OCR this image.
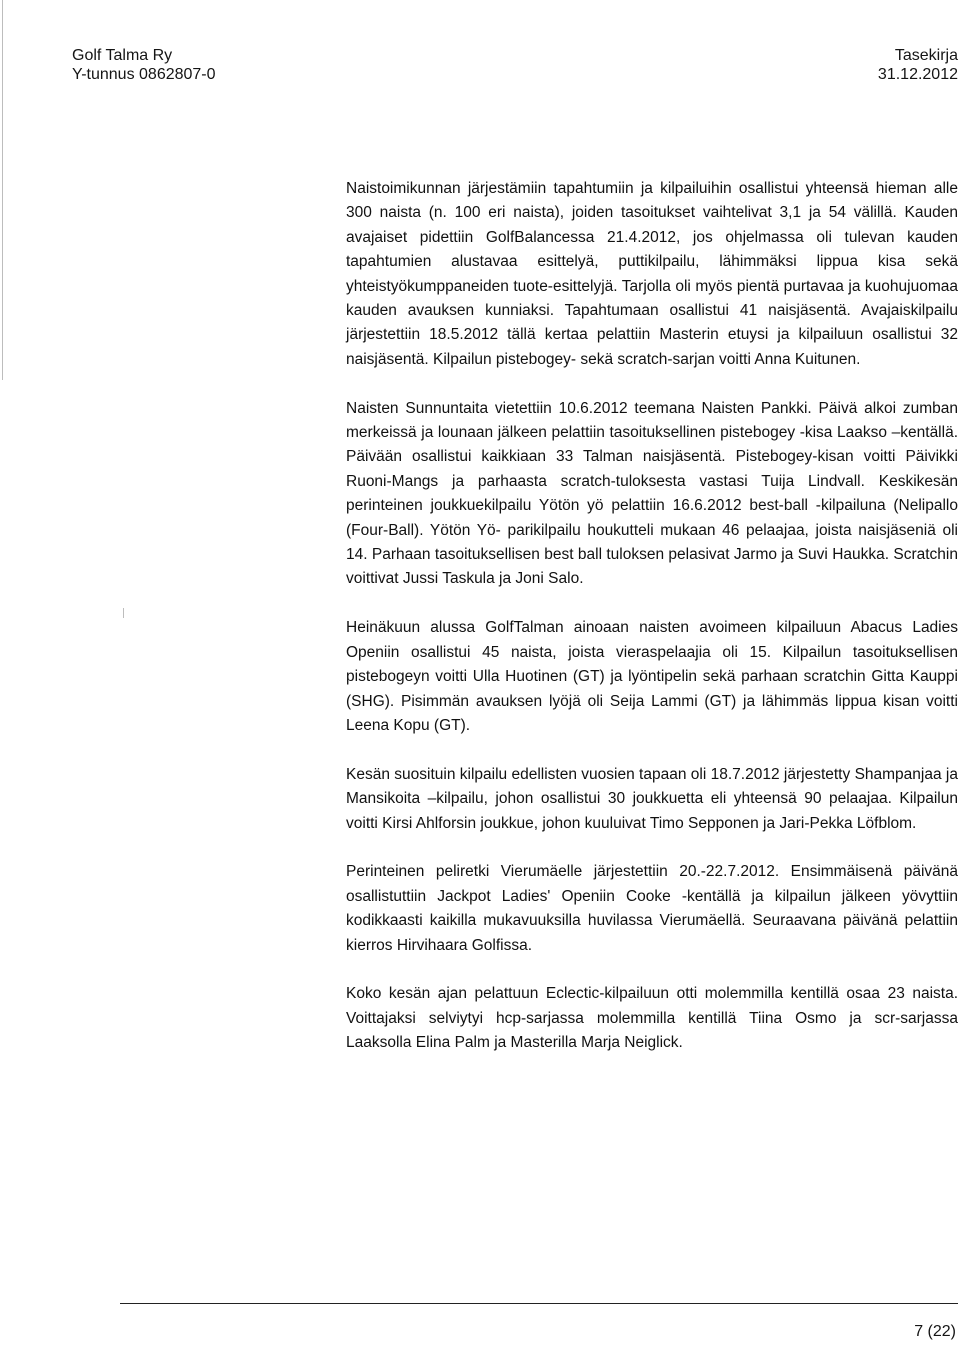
Golf Talma Ry
Y-tunnus 0862807-0
Tasekirja
31.12.2012

Naistoimikunnan järjestämiin tapahtumiin ja kilpailuihin osallistui yhteensä hieman alle 300 naista (n. 100 eri naista), joiden tasoitukset vaihtelivat 3,1 ja 54 välillä. Kauden avajaiset pidettiin GolfBalancessa 21.4.2012, jos ohjelmassa oli tulevan kauden tapahtumien alustavaa esittelyä, puttikilpailu, lähimmäksi lippua kisa sekä yhteistyökumppaneiden tuote-esittelyjä. Tarjolla oli myös pientä purtavaa ja kuohujuomaa kauden avauksen kunniaksi. Tapahtumaan osallistui 41 naisjäsentä. Avajaiskilpailu järjestettiin 18.5.2012 tällä kertaa pelattiin Masterin etuysi ja kilpailuun osallistui 32 naisjäsentä. Kilpailun pistebogey- sekä scratch-sarjan voitti Anna Kuitunen.

Naisten Sunnuntaita vietettiin 10.6.2012 teemana Naisten Pankki. Päivä alkoi zumban merkeissä ja lounaan jälkeen pelattiin tasoituksellinen pistebogey -kisa Laakso –kentällä. Päivään osallistui kaikkiaan 33 Talman naisjäsentä. Pistebogey-kisan voitti Päivikki Ruoni-Mangs ja parhaasta scratch-tuloksesta vastasi Tuija Lindvall. Keskikesän perinteinen joukkuekilpailu Yötön yö pelattiin 16.6.2012 best-ball -kilpailuna (Nelipallo (Four-Ball). Yötön Yö- parikilpailu houkutteli mukaan 46 pelaajaa, joista naisjäseniä oli 14. Parhaan tasoituksellisen best ball tuloksen pelasivat Jarmo ja Suvi Haukka. Scratchin voittivat Jussi Taskula ja Joni Salo.

Heinäkuun alussa GolfTalman ainoaan naisten avoimeen kilpailuun Abacus Ladies Openiin osallistui 45 naista, joista vieraspelaajia oli 15. Kilpailun tasoituksellisen pistebogeyn voitti Ulla Huotinen (GT) ja lyöntipelin sekä parhaan scratchin Gitta Kauppi (SHG). Pisimmän avauksen lyöjä oli Seija Lammi (GT) ja lähimmäs lippua kisan voitti Leena Kopu (GT).

Kesän suosituin kilpailu edellisten vuosien tapaan oli 18.7.2012 järjestetty Shampanjaa ja Mansikoita –kilpailu, johon osallistui 30 joukkuetta eli yhteensä 90 pelaajaa. Kilpailun voitti Kirsi Ahlforsin joukkue, johon kuuluivat Timo Sepponen ja Jari-Pekka Löfblom.

Perinteinen peliretki Vierumäelle järjestettiin 20.-22.7.2012. Ensimmäisenä päivänä osallistuttiin Jackpot Ladies' Openiin Cooke -kentällä ja kilpailun jälkeen yövyttiin kodikkaasti kaikilla mukavuuksilla huvilassa Vierumäellä. Seuraavana päivänä pelattiin kierros Hirvihaara Golfissa.

Koko kesän ajan pelattuun Eclectic-kilpailuun otti molemmilla kentillä osaa 23 naista. Voittajaksi selviytyi hcp-sarjassa molemmilla kentillä Tiina Osmo ja scr-sarjassa Laaksolla Elina Palm ja Masterilla Marja Neiglick.

7 (22)
